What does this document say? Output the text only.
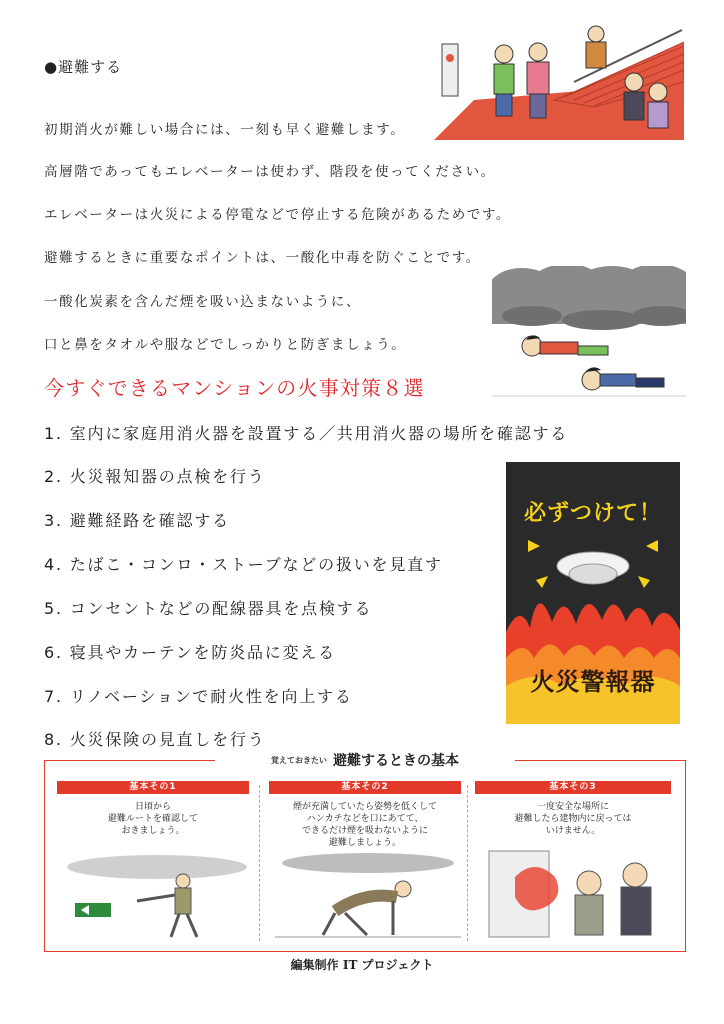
●避難する
初期消火が難しい場合には、一刻も早く避難します。
高層階であってもエレベーターは使わず、階段を使ってください。
エレベーターは火災による停電などで停止する危険があるためです。
避難するときに重要なポイントは、一酸化中毒を防ぐことです。
一酸化炭素を含んだ煙を吸い込まないように、
口と鼻をタオルや服などでしっかりと防ぎましょう。
今すぐできるマンションの火事対策８選
1. 室内に家庭用消火器を設置する／共用消火器の場所を確認する
2. 火災報知器の点検を行う
3. 避難経路を確認する
4. たばこ・コンロ・ストーブなどの扱いを見直す
5. コンセントなどの配線器具を点検する
6. 寝具やカーテンを防炎品に変える
7. リノベーションで耐火性を向上する
8. 火災保険の見直しを行う
必ずつけて！
火災警報器
覚えておきたい 避難するときの基本
基本その1	基本その2	基本その3
日頃から
避難ルートを確認して
おきましょう。
煙が充満していたら姿勢を低くして
ハンカチなどを口にあてて、
できるだけ煙を吸わないように
避難しましょう。
一度安全な場所に
避難したら建物内に戻っては
いけません。
編集制作 IT プロジェクト
